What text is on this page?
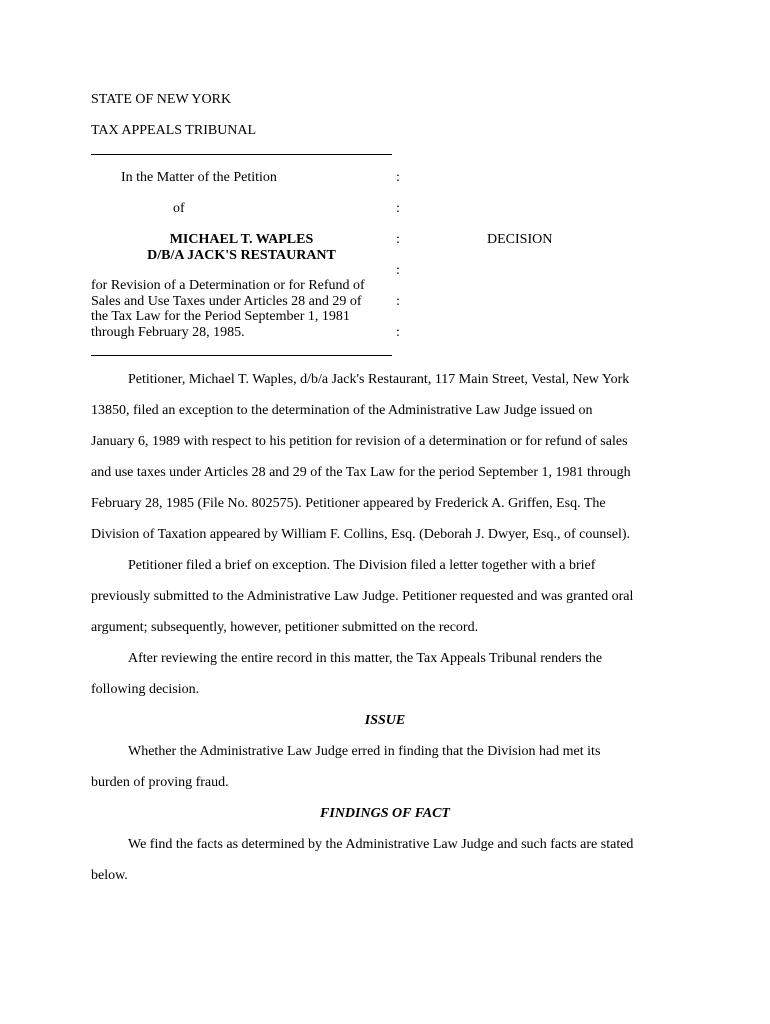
STATE OF NEW YORK
TAX APPEALS TRIBUNAL
In the Matter of the Petition	:
of	:
MICHAEL T. WAPLES
D/B/A JACK'S RESTAURANT
:	DECISION
:
for Revision of a Determination or for Refund of
Sales and Use Taxes under Articles 28 and 29 of
the Tax Law for the Period September 1, 1981
through February 28, 1985.
:
:
Petitioner, Michael T. Waples, d/b/a Jack's Restaurant, 117 Main Street, Vestal, New York
13850, filed an exception to the determination of the Administrative Law Judge issued on
January 6, 1989 with respect to his petition for revision of a determination or for refund of sales
and use taxes under Articles 28 and 29 of the Tax Law for the period September 1, 1981 through
February 28, 1985 (File No. 802575). Petitioner appeared by Frederick A. Griffen, Esq. The
Division of Taxation appeared by William F. Collins, Esq. (Deborah J. Dwyer, Esq., of counsel).
Petitioner filed a brief on exception. The Division filed a letter together with a brief
previously submitted to the Administrative Law Judge. Petitioner requested and was granted oral
argument; subsequently, however, petitioner submitted on the record.
After reviewing the entire record in this matter, the Tax Appeals Tribunal renders the
following decision.
ISSUE
Whether the Administrative Law Judge erred in finding that the Division had met its
burden of proving fraud.
FINDINGS OF FACT
We find the facts as determined by the Administrative Law Judge and such facts are stated
below.
